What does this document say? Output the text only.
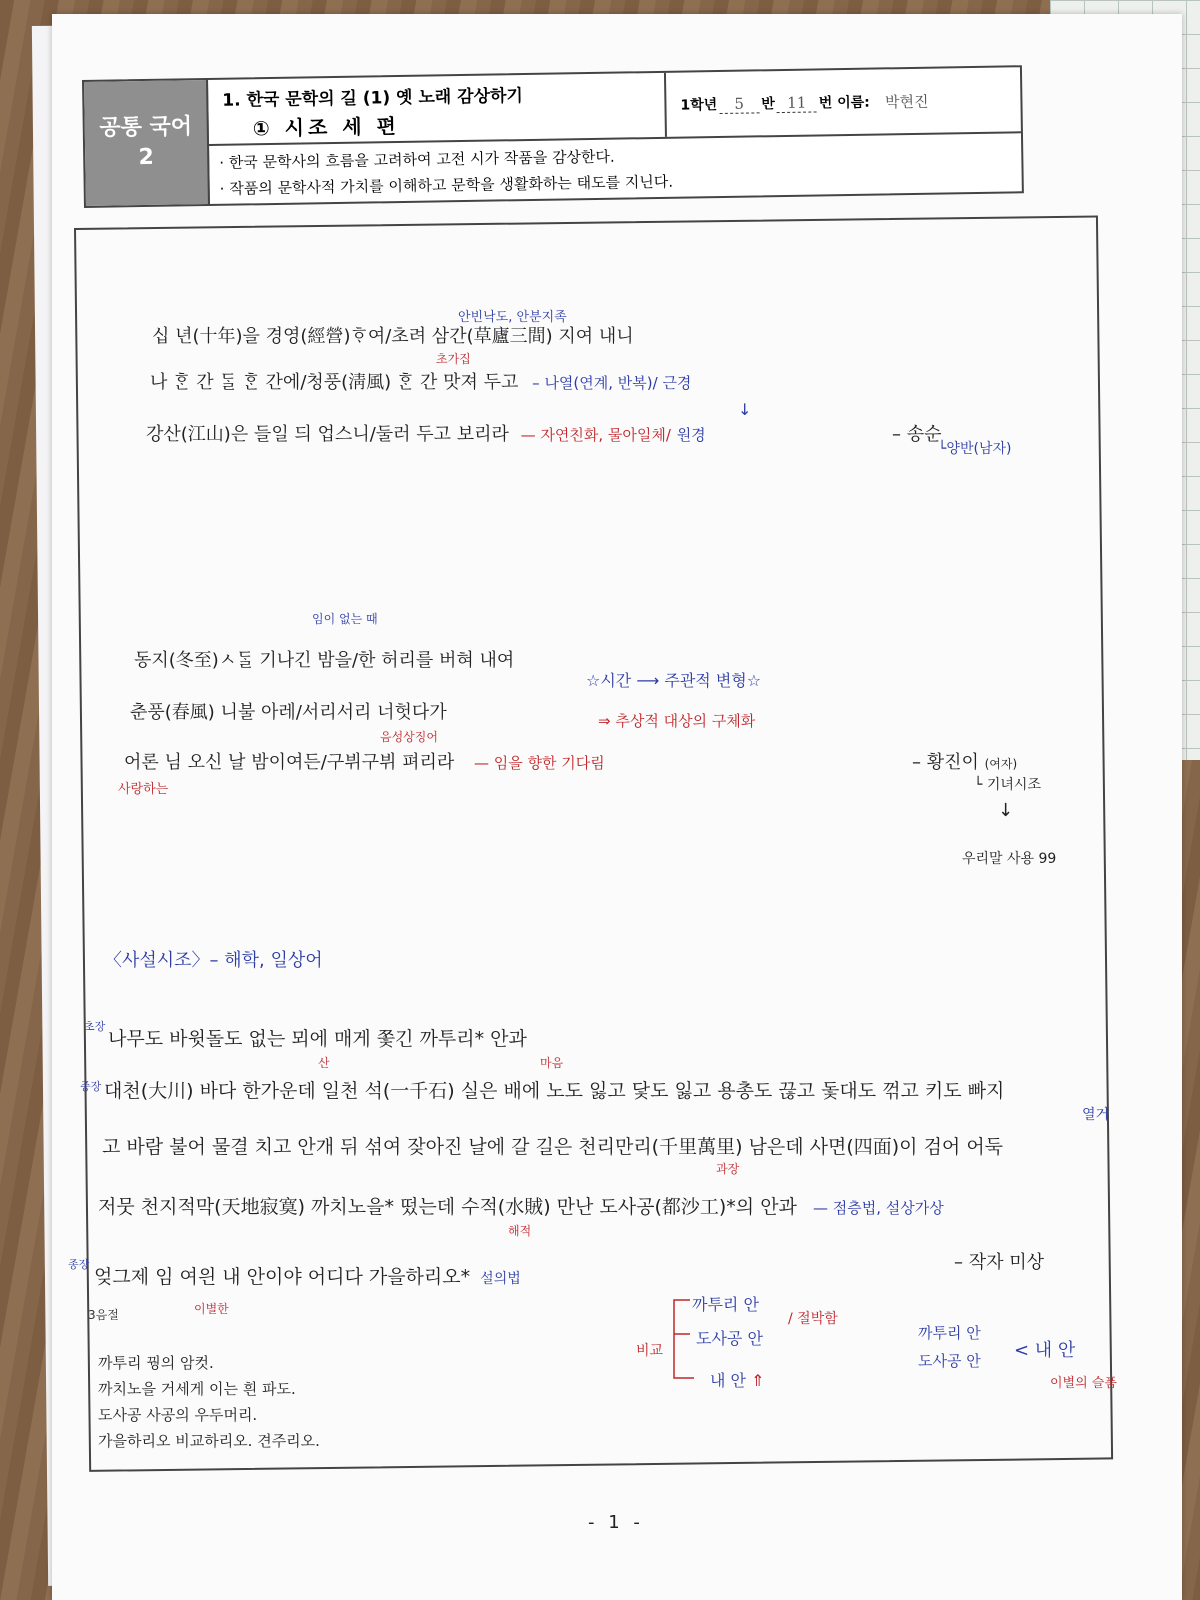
공통 국어
2
1. 한국 문학의 길 (1) 옛 노래 감상하기
① 시조 세 편
1학년	5	반 11 번 이름: 박현진
· 한국 문학사의 흐름을 고려하여 고전 시가 작품을 감상한다.
· 작품의 문학사적 가치를 이해하고 문학을 생활화하는 태도를 지닌다.
안빈낙도, 안분지족
십 년(十年)을 경영(經營)ᄒᆞ여/초려 삼간(草廬三間) 지여 내니
초가집
나 ᄒᆞᆫ 간 ᄃᆞᆯ ᄒᆞᆫ 간에/청풍(淸風) ᄒᆞᆫ 간 맛져 두고 – 나열(연계, 반복)/ 근경
↓
강산(江山)은 들일 듸 업스니/둘러 두고 보리라 — 자연친화, 물아일체/ 원경	– 송순
└양반(남자)
임이 없는 때
동지(冬至)ㅅᄃᆞᆯ 기나긴 밤을/한 허리를 버혀 내여
☆시간 ⟶ 주관적 변형☆
춘풍(春風) 니불 아레/서리서리 너헛다가	⇒ 추상적 대상의 구체화
음성상징어
어론 님 오신 날 밤이여든/구뷔구뷔 펴리라 — 임을 향한 기다림
사랑하는
– 황진이 (여자)
└ 기녀시조
↓
우리말 사용 99
〈사설시조〉– 해학, 일상어
초장
나무도 바윗돌도 없는 뫼에 매게 쫓긴 까투리* 안과
산	마음
중장 대천(大川) 바다 한가운데 일천 석(一千石) 실은 배에 노도 잃고 닻도 잃고 용총도 끊고 돛대도 꺾고 키도 빠지
열거
고 바람 불어 물결 치고 안개 뒤 섞여 잦아진 날에 갈 길은 천리만리(千里萬里) 남은데 사면(四面)이 검어 어둑
과장
저뭇 천지적막(天地寂寞) 까치노을* 떴는데 수적(水賊) 만난 도사공(都沙工)*의 안과 — 점층법, 설상가상
해적
– 작자 미상
종장
엊그제 임 여읜 내 안이야 어디다 가을하리오* 설의법
3음절	이별한
비교
까투리 안
도사공 안
/ 절박함
내 안 ⇑
까투리 안
도사공 안 < 내 안
이별의 슬픔
까투리 꿩의 암컷.
까치노을 거세게 이는 흰 파도.
도사공 사공의 우두머리.
가을하리오 비교하리오. 견주리오.
- 1 -
